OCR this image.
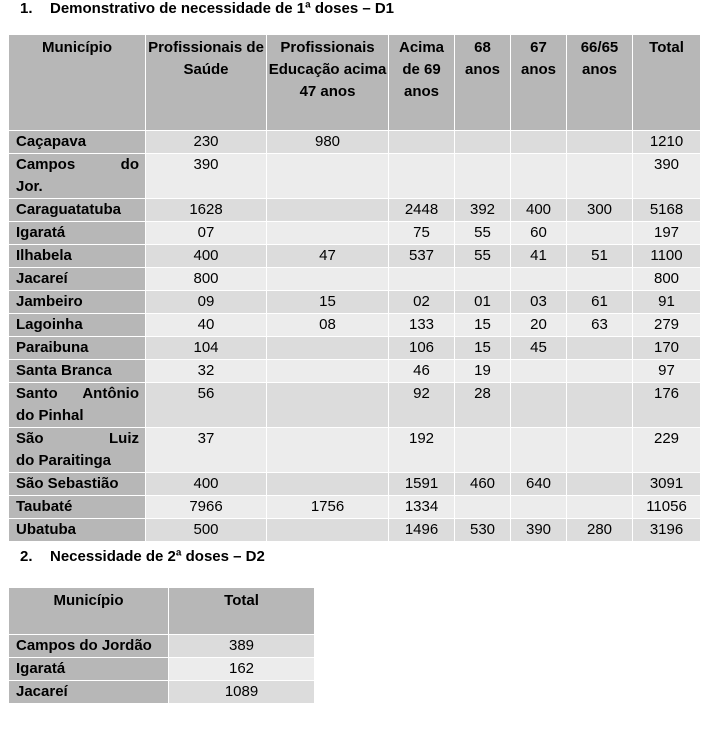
1. Demonstrativo de necessidade de 1ª doses – D1
Município	Profissionais de Saúde	Profissionais Educação acima 47 anos	Acima de 69 anos	68 anos	67 anos	66/65 anos	Total
Caçapava	230	980					1210

Campos do
Jor.	390						390
Caraguatatuba	1628		2448	392	400	300	5168
Igaratá	07		75	55	60		197
Ilhabela	400	47	537	55	41	51	1100
Jacareí	800						800
Jambeiro	09	15	02	01	03	61	91
Lagoinha	40	08	133	15	20	63	279
Paraibuna	104		106	15	45		170
Santa Branca	32		46	19			97

Santo Antônio
do Pinhal	56		92	28			176

São Luiz
do Paraitinga	37		192				229
São Sebastião	400		1591	460	640		3091
Taubaté	7966	1756	1334				11056
Ubatuba	500		1496	530	390	280	3196
2. Necessidade de 2ª doses – D2
Município	Total
Campos do Jordão	389
Igaratá	162
Jacareí	1089
